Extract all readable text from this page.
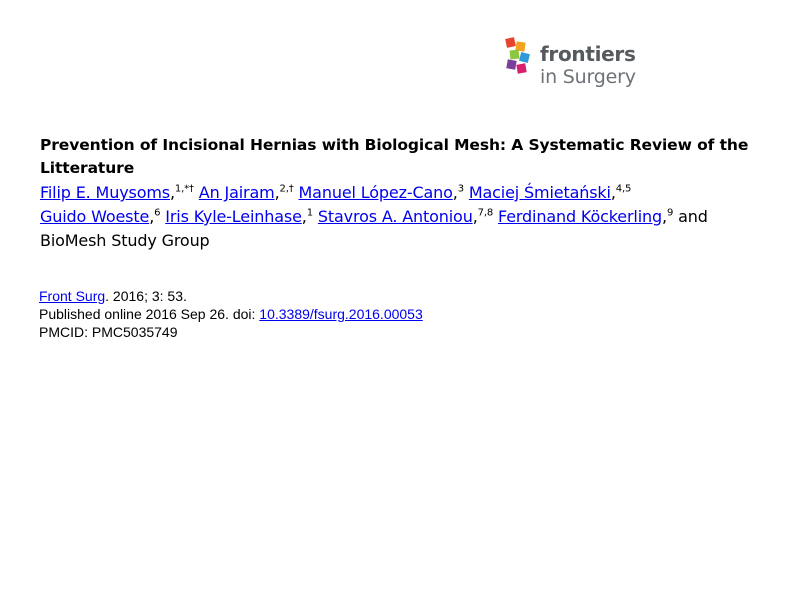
frontiers
in Surgery
Prevention of Incisional Hernias with Biological Mesh: A Systematic Review of the Litterature

Filip E. Muysoms,$^{1,*\dagger}$ An Jairam,$^{2,\dagger}$ Manuel López-Cano,$^3$ Maciej Śmietański,$^{4,5}$
Guido Woeste,$^6$ Iris Kyle-Leinhase,$^1$ Stavros A. Antoniou,$^{7,8}$ Ferdinand Köckerling,$^9$ and
BioMesh Study Group

Front Surg. 2016; 3: 53.
Published online 2016 Sep 26. doi: 10.3389/fsurg.2016.00053
PMCID: PMC5035749
